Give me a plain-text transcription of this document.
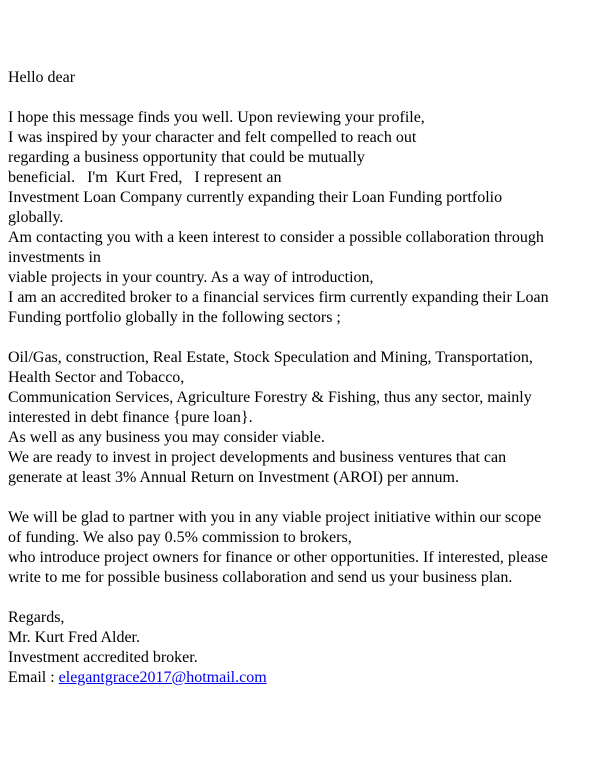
Hello dear
I hope this message finds you well. Upon reviewing your profile,
I was inspired by your character and felt compelled to reach out
regarding a business opportunity that could be mutually
beneficial.   I'm  Kurt Fred,   I represent an
Investment Loan Company currently expanding their Loan Funding portfolio
globally.
Am contacting you with a keen interest to consider a possible collaboration through
investments in
viable projects in your country. As a way of introduction,
I am an accredited broker to a financial services firm currently expanding their Loan
Funding portfolio globally in the following sectors ;
Oil/Gas, construction, Real Estate, Stock Speculation and Mining, Transportation,
Health Sector and Tobacco,
Communication Services, Agriculture Forestry & Fishing, thus any sector, mainly
interested in debt finance {pure loan}.
As well as any business you may consider viable.
We are ready to invest in project developments and business ventures that can
generate at least 3% Annual Return on Investment (AROI) per annum.
We will be glad to partner with you in any viable project initiative within our scope
of funding. We also pay 0.5% commission to brokers,
who introduce project owners for finance or other opportunities. If interested, please
write to me for possible business collaboration and send us your business plan.
Regards,
Mr. Kurt Fred Alder.
Investment accredited broker.
Email : elegantgrace2017@hotmail.com
